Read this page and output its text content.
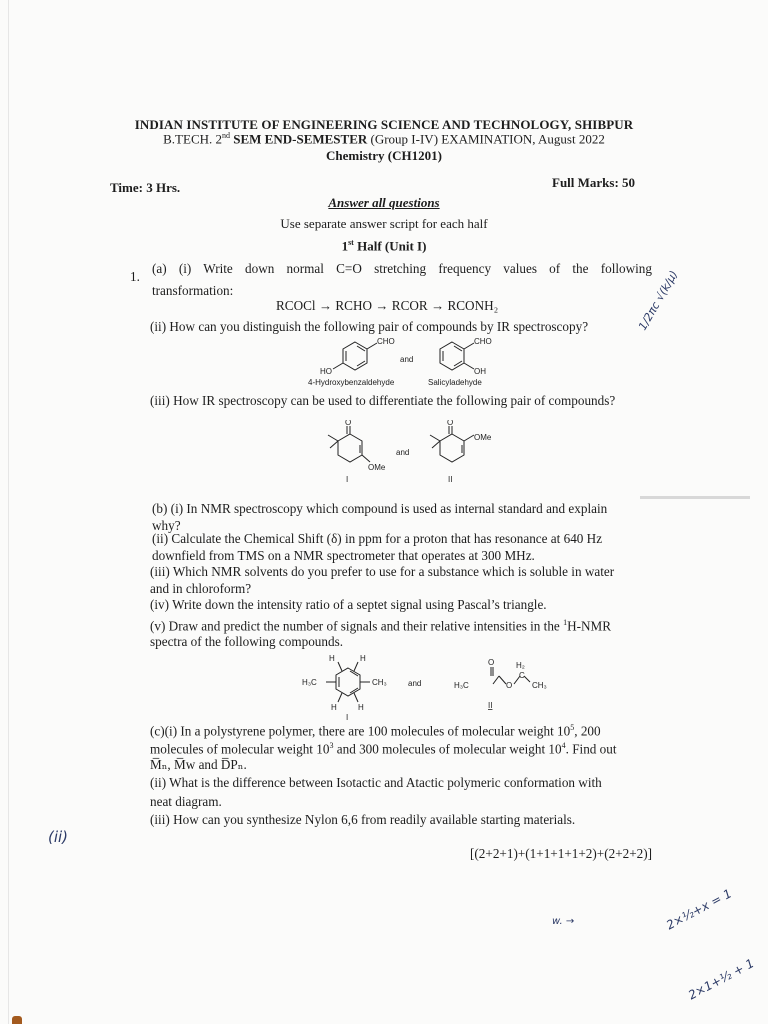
INDIAN INSTITUTE OF ENGINEERING SCIENCE AND TECHNOLOGY, SHIBPUR
B.TECH. 2nd SEM END-SEMESTER (Group I-IV) EXAMINATION, August 2022
Chemistry (CH1201)
Time: 3 Hrs.	Full Marks: 50
Answer all questions
Use separate answer script for each half
1st Half (Unit I)
1.
(a) (i) Write down normal C=O stretching frequency values of the following
transformation:
RCOCl → RCHO → RCOR → RCONH₂
(ii) How can you distinguish the following pair of compounds by IR spectroscopy?
CHO
HO
and
CHO
OH
4-Hydroxybenzaldehyde	Salicyladehyde
(iii) How IR spectroscopy can be used to differentiate the following pair of compounds?
O
OMe
and
O
OMe
I	II
(b) (i) In NMR spectroscopy which compound is used as internal standard and explain
why?
(ii) Calculate the Chemical Shift (δ) in ppm for a proton that has resonance at 640 Hz
downfield from TMS on a NMR spectrometer that operates at 300 MHz.
(iii) Which NMR solvents do you prefer to use for a substance which is soluble in water
and in chloroform?
(iv) Write down the intensity ratio of a septet signal using Pascal’s triangle.
(v) Draw and predict the number of signals and their relative intensities in the $^1$H-NMR
spectra of the following compounds.
H	H
H	H
H₃C	CH₃	and
O
H₃C	O
H₂
C
CH₃
I
II
(c)(i) In a polystyrene polymer, there are 100 molecules of molecular weight $10^5$, 200
molecules of molecular weight $10^3$ and 300 molecules of molecular weight $10^4$. Find out
M̅ₙ, M̅w and D̅Pₙ.
(ii) What is the difference between Isotactic and Atactic polymeric conformation with
neat diagram.
(iii) How can you synthesize Nylon 6,6 from readily available starting materials.
[(2+2+1)+(1+1+1+1+2)+(2+2+2)]
(ii)
1/2πc √(k/μ)
w. →	2×½+x = 1
2×1+½ + 1
